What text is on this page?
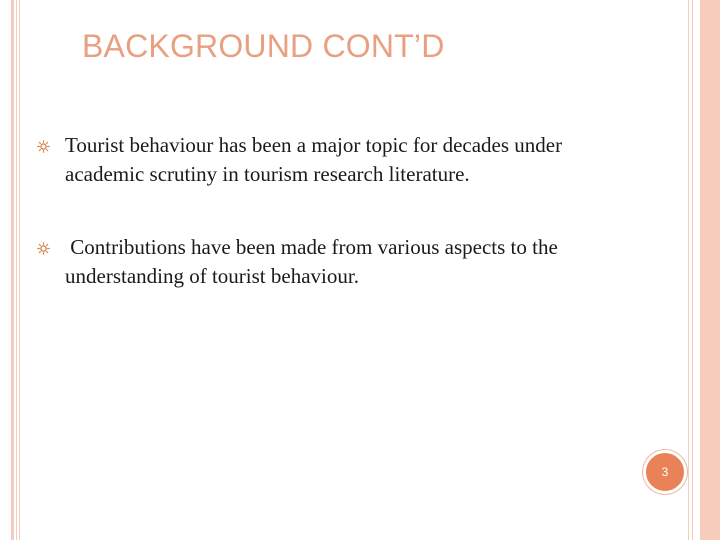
BACKGROUND CONT’D
Tourist behaviour has been a major topic for decades under academic scrutiny in tourism research literature.
Contributions have been made from various aspects to the understanding of tourist behaviour.
3
